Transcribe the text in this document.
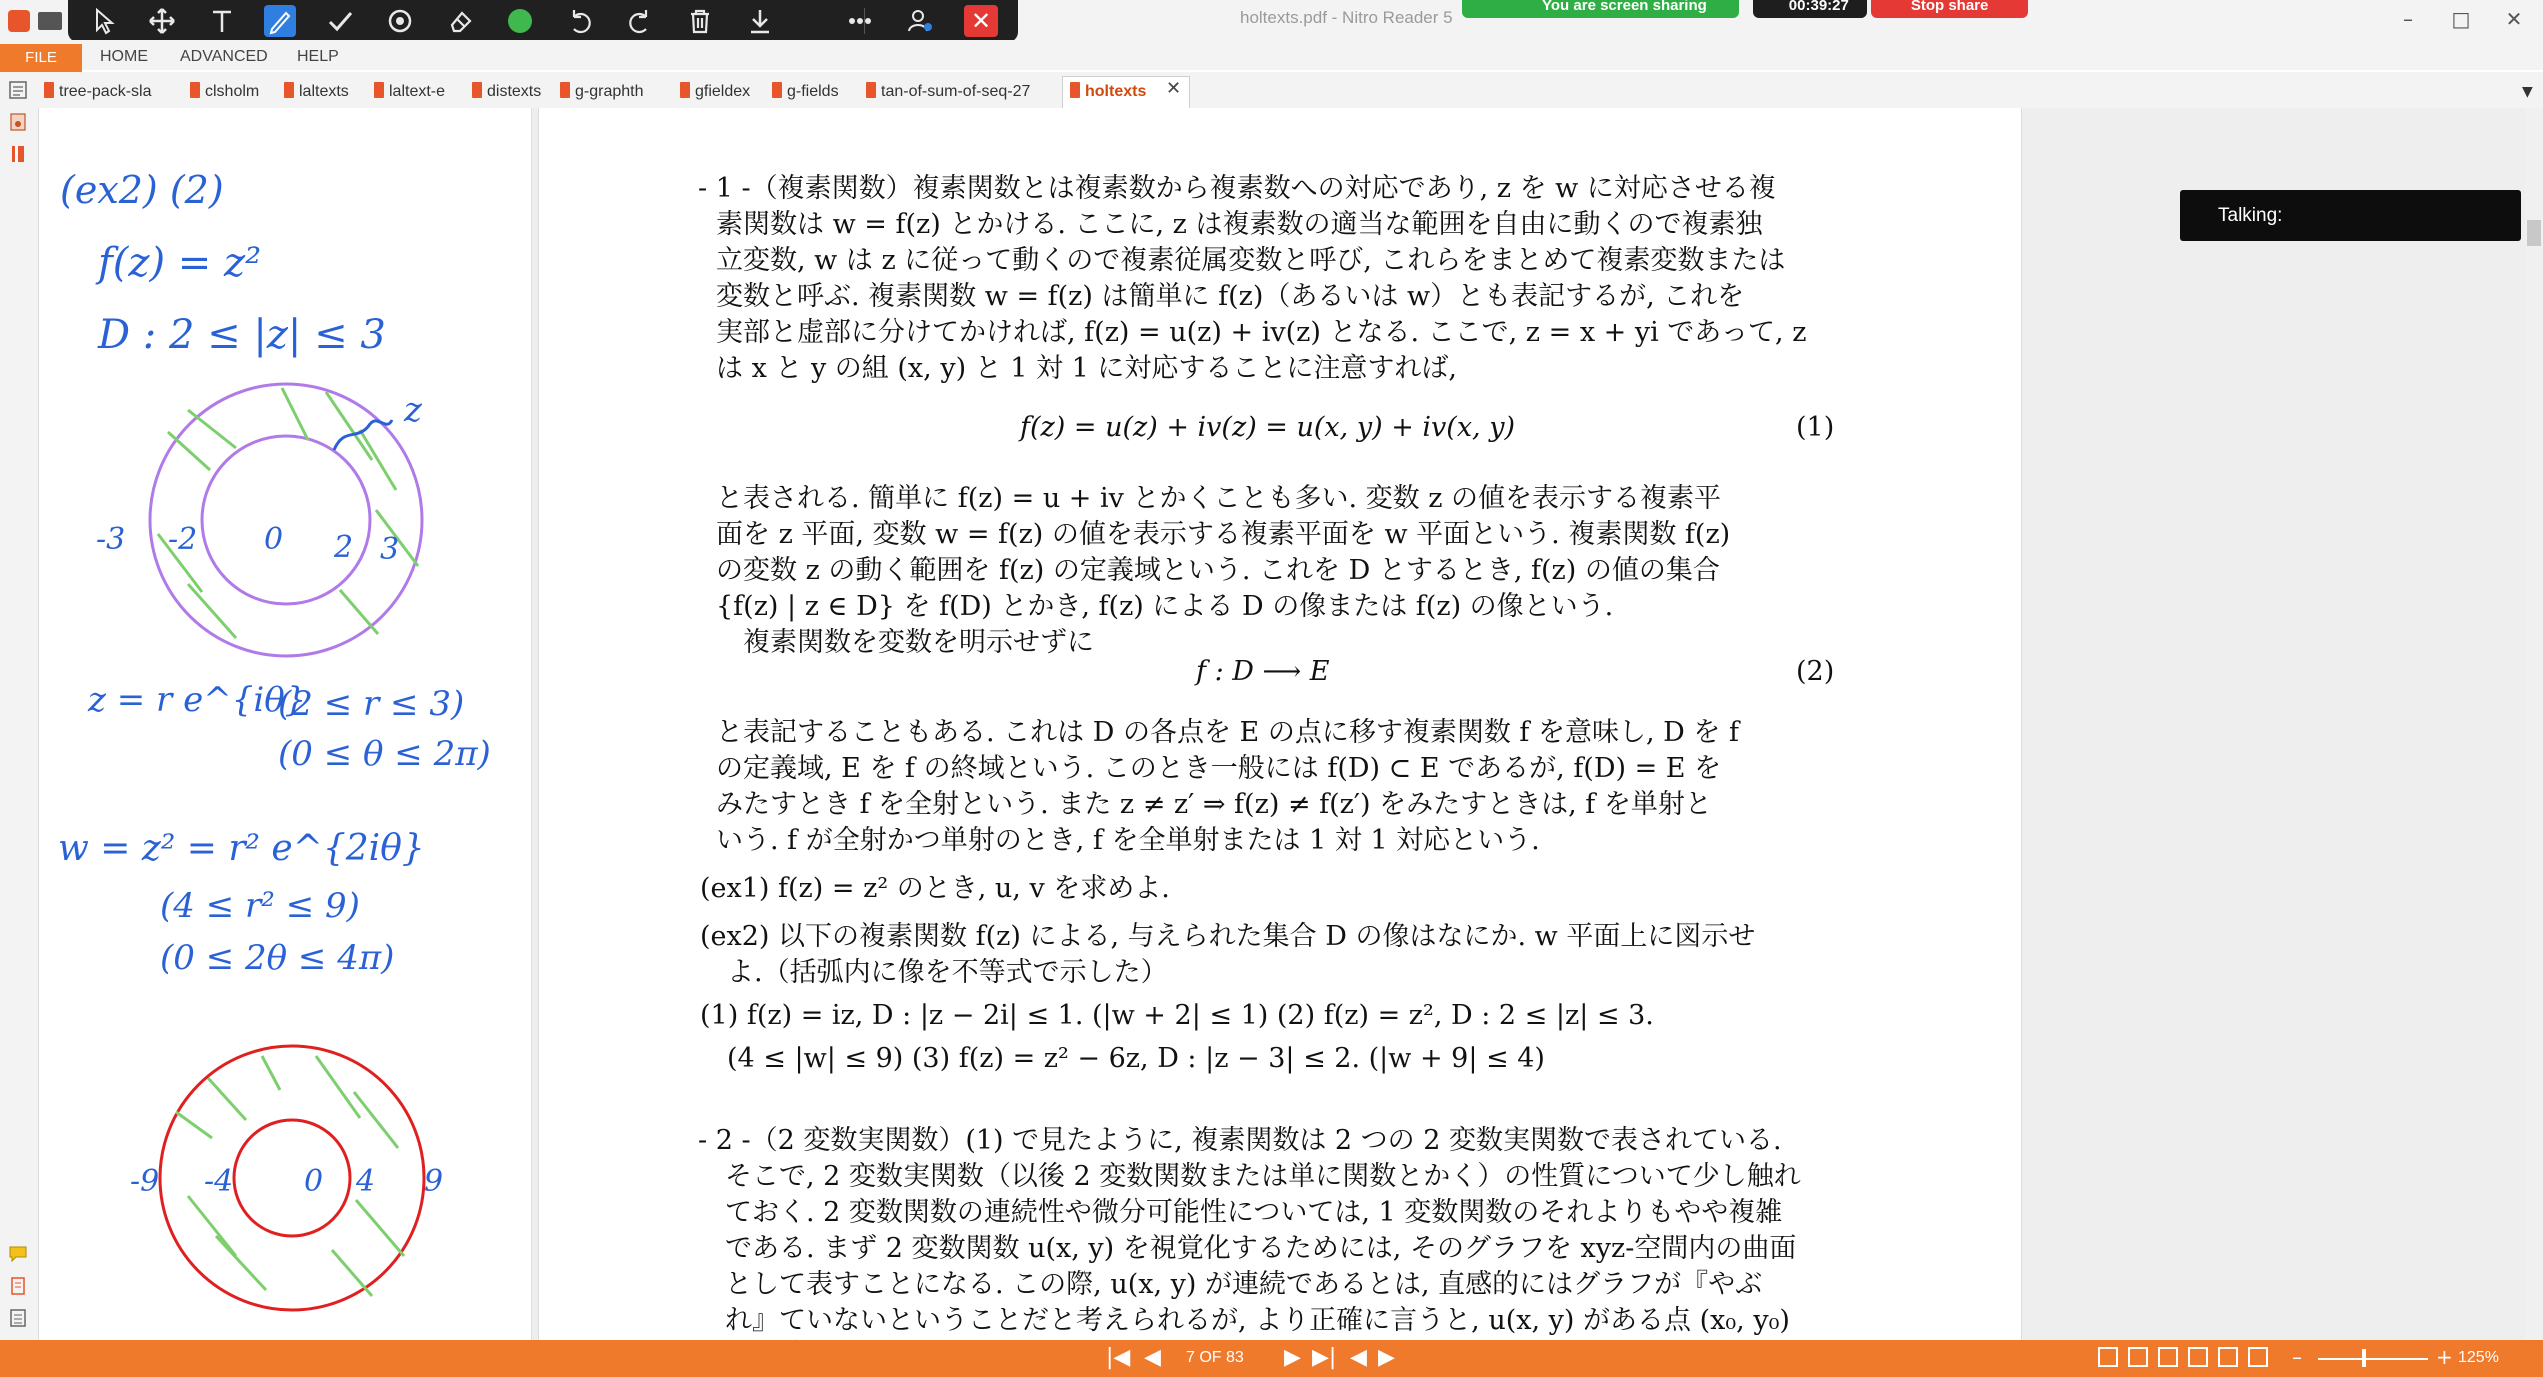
holtexts.pdf - Nitro Reader 5	–	□	✕
You are screen sharing	00:39:27	Stop share
✕
FILE	HOME ADVANCED HELP
tree-pack-sla	clsholm	laltexts	laltext-e	distexts	g-graphth	gfieldex	g-fields	tan-of-sum-of-seq-27	holtexts ✕	▼
(ex2) (2)
f(z) = z²
D : 2 ≤ |z| ≤ 3
z
-3 -2 0 2 3
z = r e^{iθ}
(2 ≤ r ≤ 3)
(0 ≤ θ ≤ 2π)
w = z² = r² e^{2iθ}
(4 ≤ r² ≤ 9)
(0 ≤ 2θ ≤ 4π)
-9 -4 0 4 9
- 1 -（複素関数）複素関数とは複素数から複素数への対応であり, z を w に対応させる複
素関数は w = f(z) とかける. ここに, z は複素数の適当な範囲を自由に動くので複素独
立変数, w は z に従って動くので複素従属変数と呼び, これらをまとめて複素変数または
変数と呼ぶ. 複素関数 w = f(z) は簡単に f(z)（あるいは w）とも表記するが, これを
実部と虚部に分けてかければ, f(z) = u(z) + iv(z) となる. ここで, z = x + yi であって, z
は x と y の組 (x, y) と 1 対 1 に対応することに注意すれば,
f(z) = u(z) + iv(z) = u(x, y) + iv(x, y)	(1)
と表される. 簡単に f(z) = u + iv とかくことも多い. 変数 z の値を表示する複素平
面を z 平面, 変数 w = f(z) の値を表示する複素平面を w 平面という. 複素関数 f(z)
の変数 z の動く範囲を f(z) の定義域という. これを D とするとき, f(z) の値の集合
{f(z) | z ∈ D} を f(D) とかき, f(z) による D の像または f(z) の像という.
　複素関数を変数を明示せずに
f : D ⟶ E	(2)
と表記することもある. これは D の各点を E の点に移す複素関数 f を意味し, D を f
の定義域, E を f の終域という. このとき一般には f(D) ⊂ E であるが, f(D) = E を
みたすとき f を全射という. また z ≠ z′ ⇒ f(z) ≠ f(z′) をみたすときは, f を単射と
いう. f が全射かつ単射のとき, f を全単射または 1 対 1 対応という.
(ex1) f(z) = z² のとき, u, v を求めよ.
(ex2) 以下の複素関数 f(z) による, 与えられた集合 D の像はなにか. w 平面上に図示せ
　よ.（括弧内に像を不等式で示した）
(1) f(z) = iz, D : |z − 2i| ≤ 1. (|w + 2| ≤ 1) (2) f(z) = z², D : 2 ≤ |z| ≤ 3.
　(4 ≤ |w| ≤ 9) (3) f(z) = z² − 6z, D : |z − 3| ≤ 2. (|w + 9| ≤ 4)
- 2 -（2 変数実関数）(1) で見たように, 複素関数は 2 つの 2 変数実関数で表されている.
　そこで, 2 変数実関数（以後 2 変数関数または単に関数とかく）の性質について少し触れ
　ておく. 2 変数関数の連続性や微分可能性については, 1 変数関数のそれよりもやや複雑
　である. まず 2 変数関数 u(x, y) を視覚化するためには, そのグラフを xyz-空間内の曲面
　として表すことになる. この際, u(x, y) が連続であるとは, 直感的にはグラフが『やぶ
　れ』ていないということだと考えられるが, より正確に言うと, u(x, y) がある点 (x₀, y₀)
Talking:
|◀ ◀ 7 OF 83 ▶ ▶| ◀ ▶	–	+ 125%
